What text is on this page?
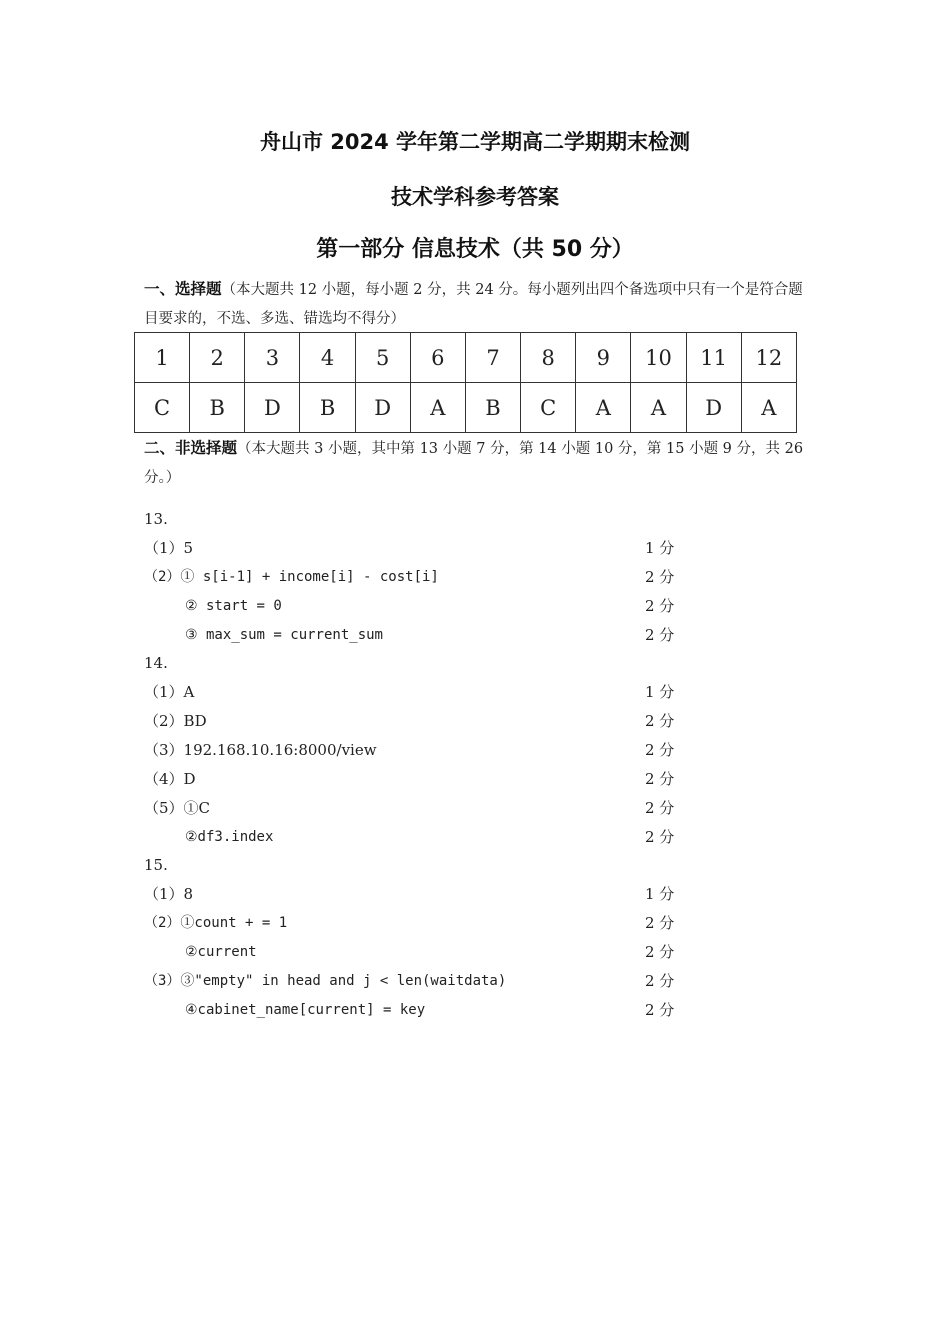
舟山市 2024 学年第二学期高二学期期末检测
技术学科参考答案
第一部分 信息技术（共 50 分）
一、选择题（本大题共 12 小题，每小题 2 分，共 24 分。每小题列出四个备选项中只有一个是符合题目要求的，不选、多选、错选均不得分）
1	2	3	4	5	6	7	8	9	10	11	12
C	B	D	B	D	A	B	C	A	A	D	A
二、非选择题（本大题共 3 小题，其中第 13 小题 7 分，第 14 小题 10 分，第 15 小题 9 分，共 26 分。）
13.
（1）5	1 分
（2）① s[i-1] + income[i] - cost[i]	2 分
② start = 0	2 分
③ max_sum = current_sum	2 分
14.
（1）A	1 分
（2）BD	2 分
（3）192.168.10.16:8000/view	2 分
（4）D	2 分
（5）①C	2 分
②df3.index	2 分
15.
（1）8	1 分
（2）①count + = 1	2 分
②current	2 分
（3）③"empty" in head and j < len(waitdata)	2 分
④cabinet_name[current] = key	2 分
